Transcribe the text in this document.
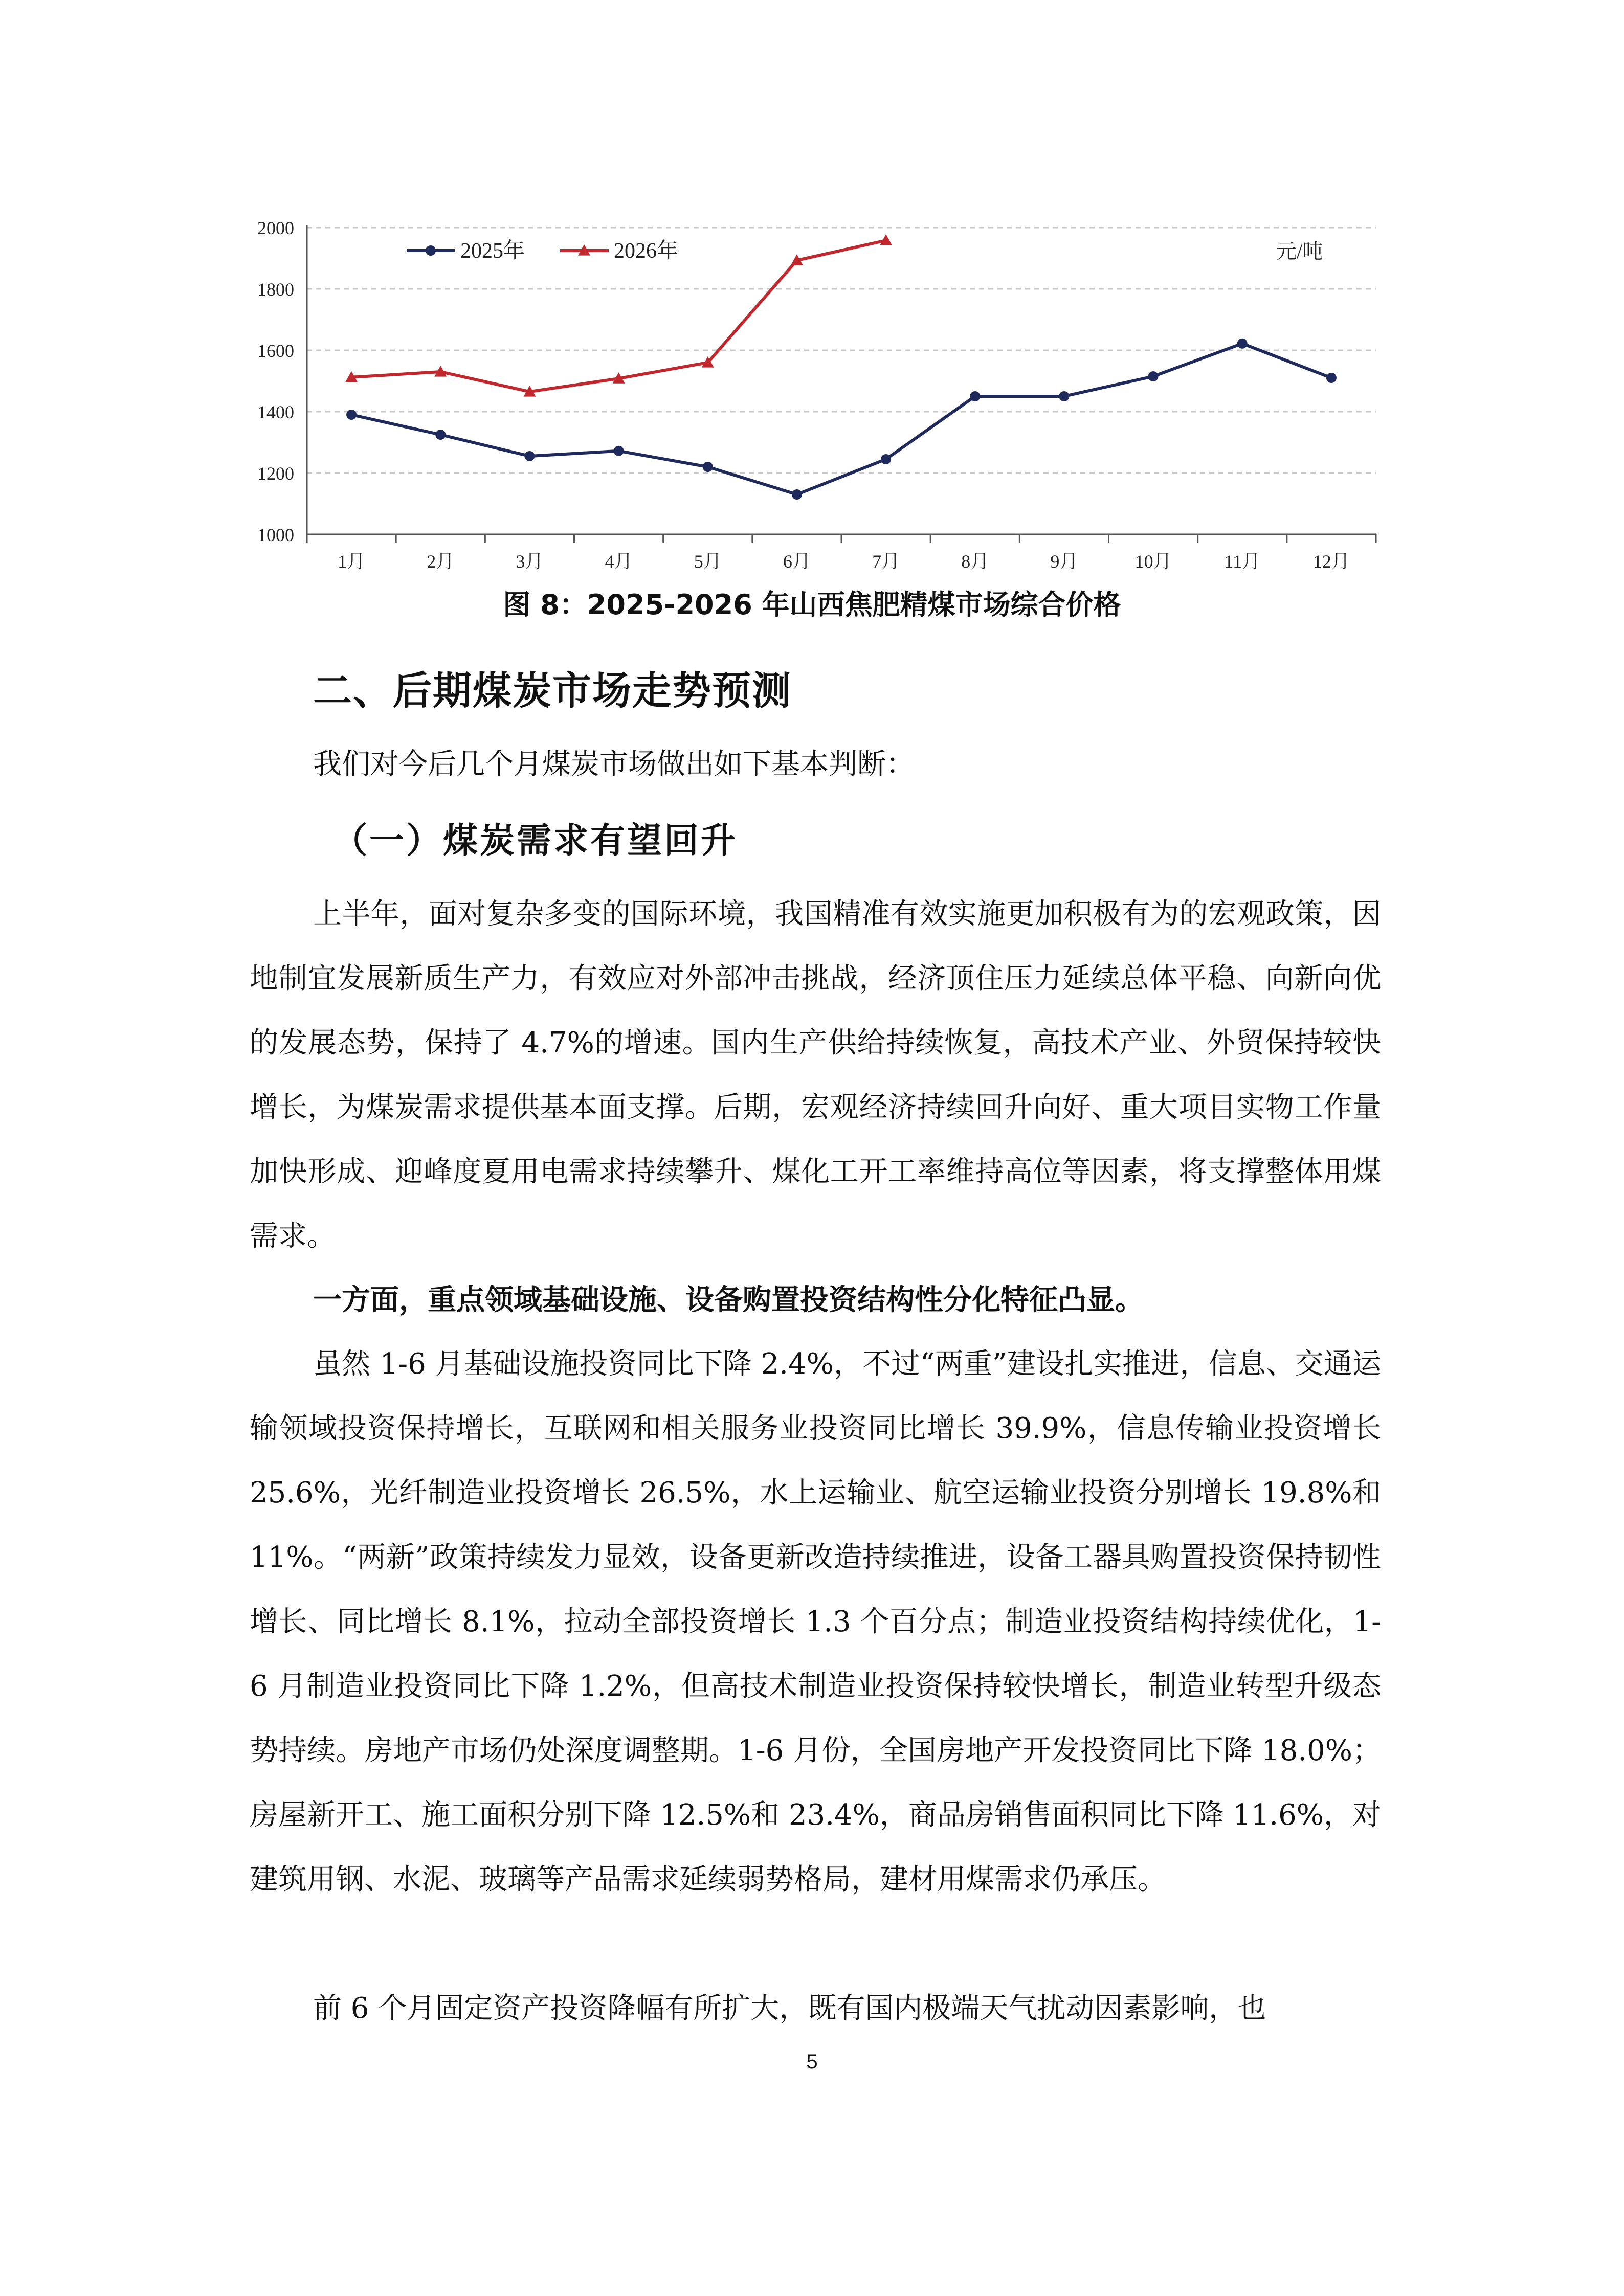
1000
1200
1400
1600
1800
2000
1月	2月	3月	4月	5月	6月	7月	8月	9月	10月	11月	12月
2025年	2026年	元/吨
图 8：2025-2026 年山西焦肥精煤市场综合价格
二、后期煤炭市场走势预测
我们对今后几个月煤炭市场做出如下基本判断：
（一）煤炭需求有望回升

上半年，面对复杂多变的国际环境，我国精准有效实施更加积极有为的宏观政策，因地制宜发展新质生产力，有效应对外部冲击挑战，经济顶住压力延续总体平稳、向新向优的发展态势，保持了 4.7%的增速。国内生产供给持续恢复，高技术产业、外贸保持较快增长，为煤炭需求提供基本面支撑。后期，宏观经济持续回升向好、重大项目实物工作量加快形成、迎峰度夏用电需求持续攀升、煤化工开工率维持高位等因素，将支撑整体用煤需求。

一方面，重点领域基础设施、设备购置投资结构性分化特征凸显。

虽然 1-6 月基础设施投资同比下降 2.4%，不过“两重”建设扎实推进，信息、交通运输领域投资保持增长，互联网和相关服务业投资同比增长 39.9%，信息传输业投资增长 25.6%，光纤制造业投资增长 26.5%，水上运输业、航空运输业投资分别增长 19.8%和 11%。“两新”政策持续发力显效，设备更新改造持续推进，设备工器具购置投资保持韧性增长、同比增长 8.1%，拉动全部投资增长 1.3 个百分点；制造业投资结构持续优化，1-6 月制造业投资同比下降 1.2%，但高技术制造业投资保持较快增长，制造业转型升级态势持续。房地产市场仍处深度调整期。1-6 月份，全国房地产开发投资同比下降 18.0%；房屋新开工、施工面积分别下降 12.5%和 23.4%，商品房销售面积同比下降 11.6%，对建筑用钢、水泥、玻璃等产品需求延续弱势格局，建材用煤需求仍承压。

前 6 个月固定资产投资降幅有所扩大，既有国内极端天气扰动因素影响，也

5
